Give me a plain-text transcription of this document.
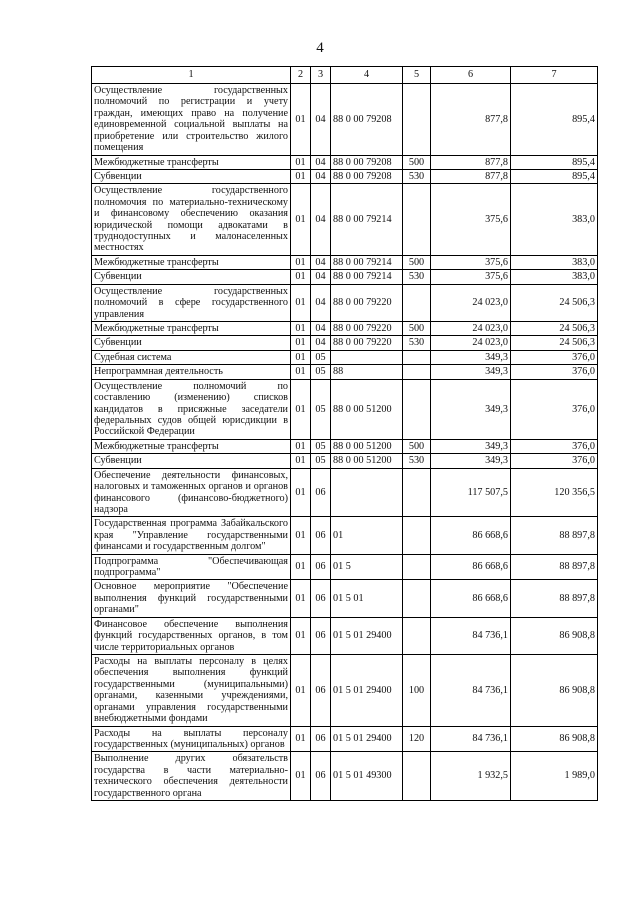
4
1	2	3	4	5	6	7
Осуществление государственных полномочий по регистрации и учету граждан, имеющих право на получение единовременной социальной выплаты на приобретение или строительство жилого помещения	01	04	88 0 00 79208		877,8	895,4
Межбюджетные трансферты	01	04	88 0 00 79208	500	877,8	895,4
Субвенции	01	04	88 0 00 79208	530	877,8	895,4
Осуществление государственного полномочия по материально-техническому и финансовому обеспечению оказания юридической помощи адвокатами в труднодоступных и малонаселенных местностях	01	04	88 0 00 79214		375,6	383,0
Межбюджетные трансферты	01	04	88 0 00 79214	500	375,6	383,0
Субвенции	01	04	88 0 00 79214	530	375,6	383,0
Осуществление государственных полномочий в сфере государственного управления	01	04	88 0 00 79220		24 023,0	24 506,3
Межбюджетные трансферты	01	04	88 0 00 79220	500	24 023,0	24 506,3
Субвенции	01	04	88 0 00 79220	530	24 023,0	24 506,3
Судебная система	01	05			349,3	376,0
Непрограммная деятельность	01	05	88		349,3	376,0
Осуществление полномочий по составлению (изменению) списков кандидатов в присяжные заседатели федеральных судов общей юрисдикции в Российской Федерации	01	05	88 0 00 51200		349,3	376,0
Межбюджетные трансферты	01	05	88 0 00 51200	500	349,3	376,0
Субвенции	01	05	88 0 00 51200	530	349,3	376,0
Обеспечение деятельности финансовых, налоговых и таможенных органов и органов финансового (финансово-бюджетного) надзора	01	06			117 507,5	120 356,5
Государственная программа Забайкальского края "Управление государственными финансами и государственным долгом"	01	06	01		86 668,6	88 897,8
Подпрограмма "Обеспечивающая подпрограмма"	01	06	01 5		86 668,6	88 897,8
Основное мероприятие "Обеспечение выполнения функций государственными органами"	01	06	01 5 01		86 668,6	88 897,8
Финансовое обеспечение выполнения функций государственных органов, в том числе территориальных органов	01	06	01 5 01 29400		84 736,1	86 908,8
Расходы на выплаты персоналу в целях обеспечения выполнения функций государственными (муниципальными) органами, казенными учреждениями, органами управления государственными внебюджетными фондами	01	06	01 5 01 29400	100	84 736,1	86 908,8
Расходы на выплаты персоналу государственных (муниципальных) органов	01	06	01 5 01 29400	120	84 736,1	86 908,8
Выполнение других обязательств государства в части материально-технического обеспечения деятельности государственного органа	01	06	01 5 01 49300		1 932,5	1 989,0
